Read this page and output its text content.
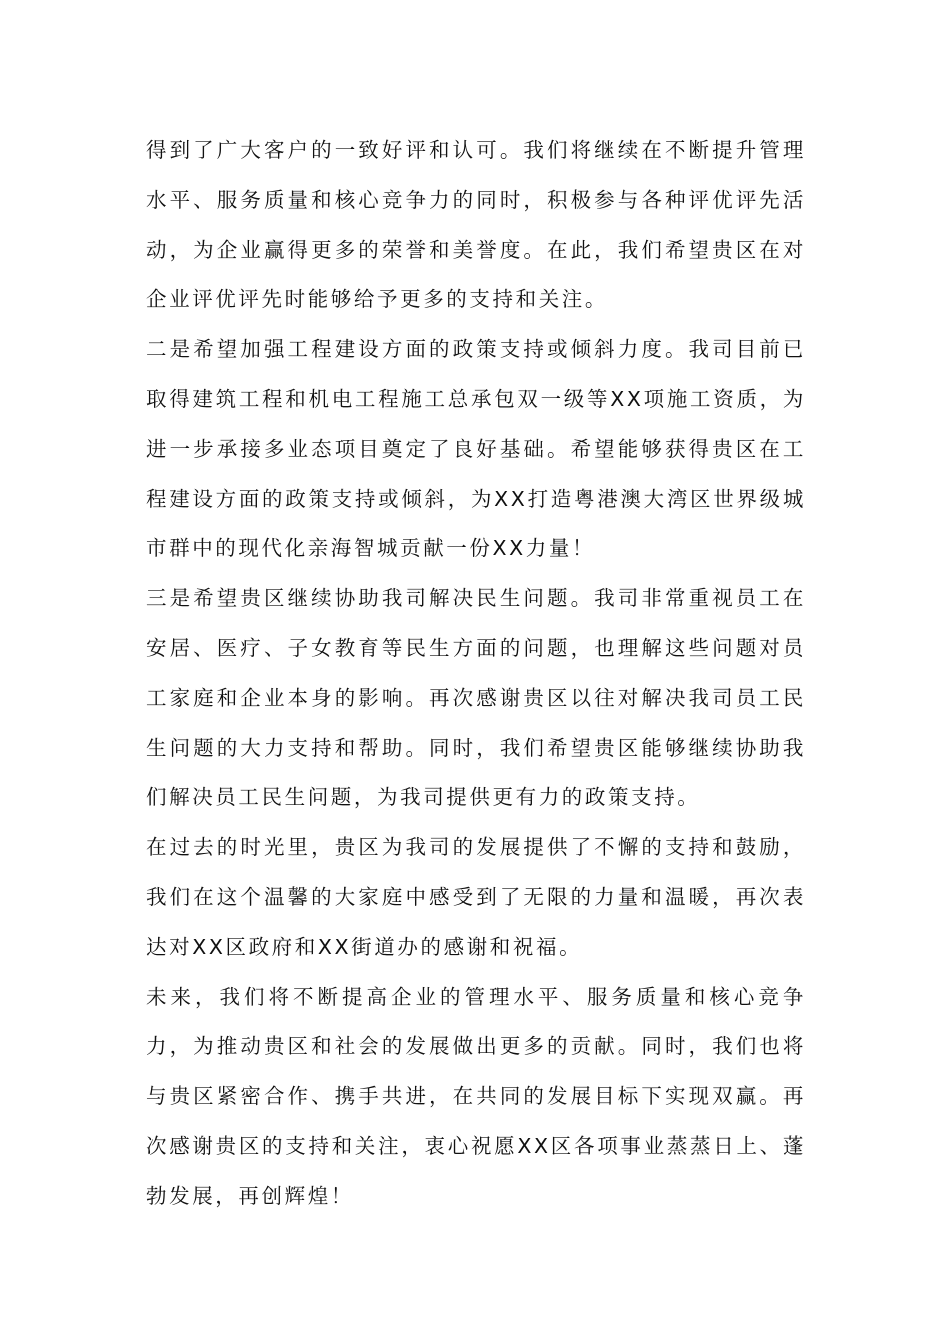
得到了广大客户的一致好评和认可。我们将继续在不断提升管理水平、服务质量和核心竞争力的同时，积极参与各种评优评先活动，为企业赢得更多的荣誉和美誉度。在此，我们希望贵区在对企业评优评先时能够给予更多的支持和关注。

二是希望加强工程建设方面的政策支持或倾斜力度。我司目前已取得建筑工程和机电工程施工总承包双一级等XX项施工资质，为进一步承接多业态项目奠定了良好基础。希望能够获得贵区在工程建设方面的政策支持或倾斜，为XX打造粤港澳大湾区世界级城市群中的现代化亲海智城贡献一份XX力量！

三是希望贵区继续协助我司解决民生问题。我司非常重视员工在安居、医疗、子女教育等民生方面的问题，也理解这些问题对员工家庭和企业本身的影响。再次感谢贵区以往对解决我司员工民生问题的大力支持和帮助。同时，我们希望贵区能够继续协助我们解决员工民生问题，为我司提供更有力的政策支持。

在过去的时光里，贵区为我司的发展提供了不懈的支持和鼓励，我们在这个温馨的大家庭中感受到了无限的力量和温暖，再次表达对XX区政府和XX街道办的感谢和祝福。

未来，我们将不断提高企业的管理水平、服务质量和核心竞争力，为推动贵区和社会的发展做出更多的贡献。同时，我们也将与贵区紧密合作、携手共进，在共同的发展目标下实现双赢。再次感谢贵区的支持和关注，衷心祝愿XX区各项事业蒸蒸日上、蓬勃发展，再创辉煌！
